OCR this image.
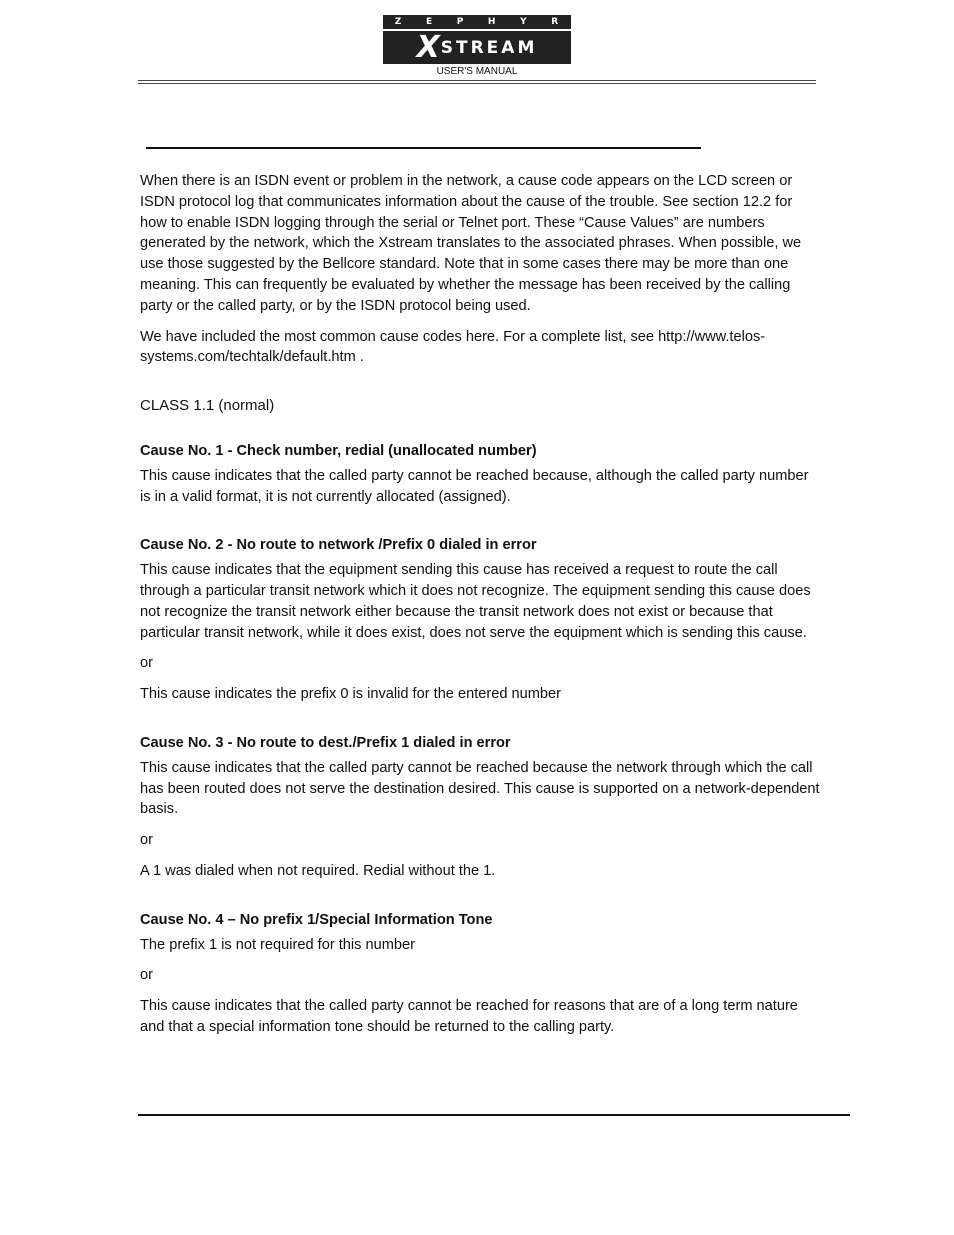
Z	E	P	H	Y	R
X STREAM
USER'S MANUAL

When there is an ISDN event or problem in the network, a cause code appears on the LCD screen or ISDN protocol log that communicates information about the cause of the trouble. See section 12.2 for how to enable ISDN logging through the serial or Telnet port. These “Cause Values” are numbers generated by the network, which the Xstream translates to the associated phrases. When possible, we use those suggested by the Bellcore standard. Note that in some cases there may be more than one meaning. This can frequently be evaluated by whether the message has been received by the calling party or the called party, or by the ISDN protocol being used.

We have included the most common cause codes here. For a complete list, see http://www.telos-systems.com/techtalk/default.htm .

CLASS 1.1 (normal)
Cause No. 1 - Check number, redial (unallocated number)

This cause indicates that the called party cannot be reached because, although the called party number is in a valid format, it is not currently allocated (assigned).

Cause No. 2 - No route to network /Prefix 0 dialed in error

This cause indicates that the equipment sending this cause has received a request to route the call through a particular transit network which it does not recognize. The equipment sending this cause does not recognize the transit network either because the transit network does not exist or because that particular transit network, while it does exist, does not serve the equipment which is sending this cause.

or

This cause indicates the prefix 0 is invalid for the entered number

Cause No. 3 - No route to dest./Prefix 1 dialed in error

This cause indicates that the called party cannot be reached because the network through which the call has been routed does not serve the destination desired. This cause is supported on a network-dependent basis.

or

A 1 was dialed when not required. Redial without the 1.

Cause No. 4 – No prefix 1/Special Information Tone

The prefix 1 is not required for this number

or

This cause indicates that the called party cannot be reached for reasons that are of a long term nature and that a special information tone should be returned to the calling party.
